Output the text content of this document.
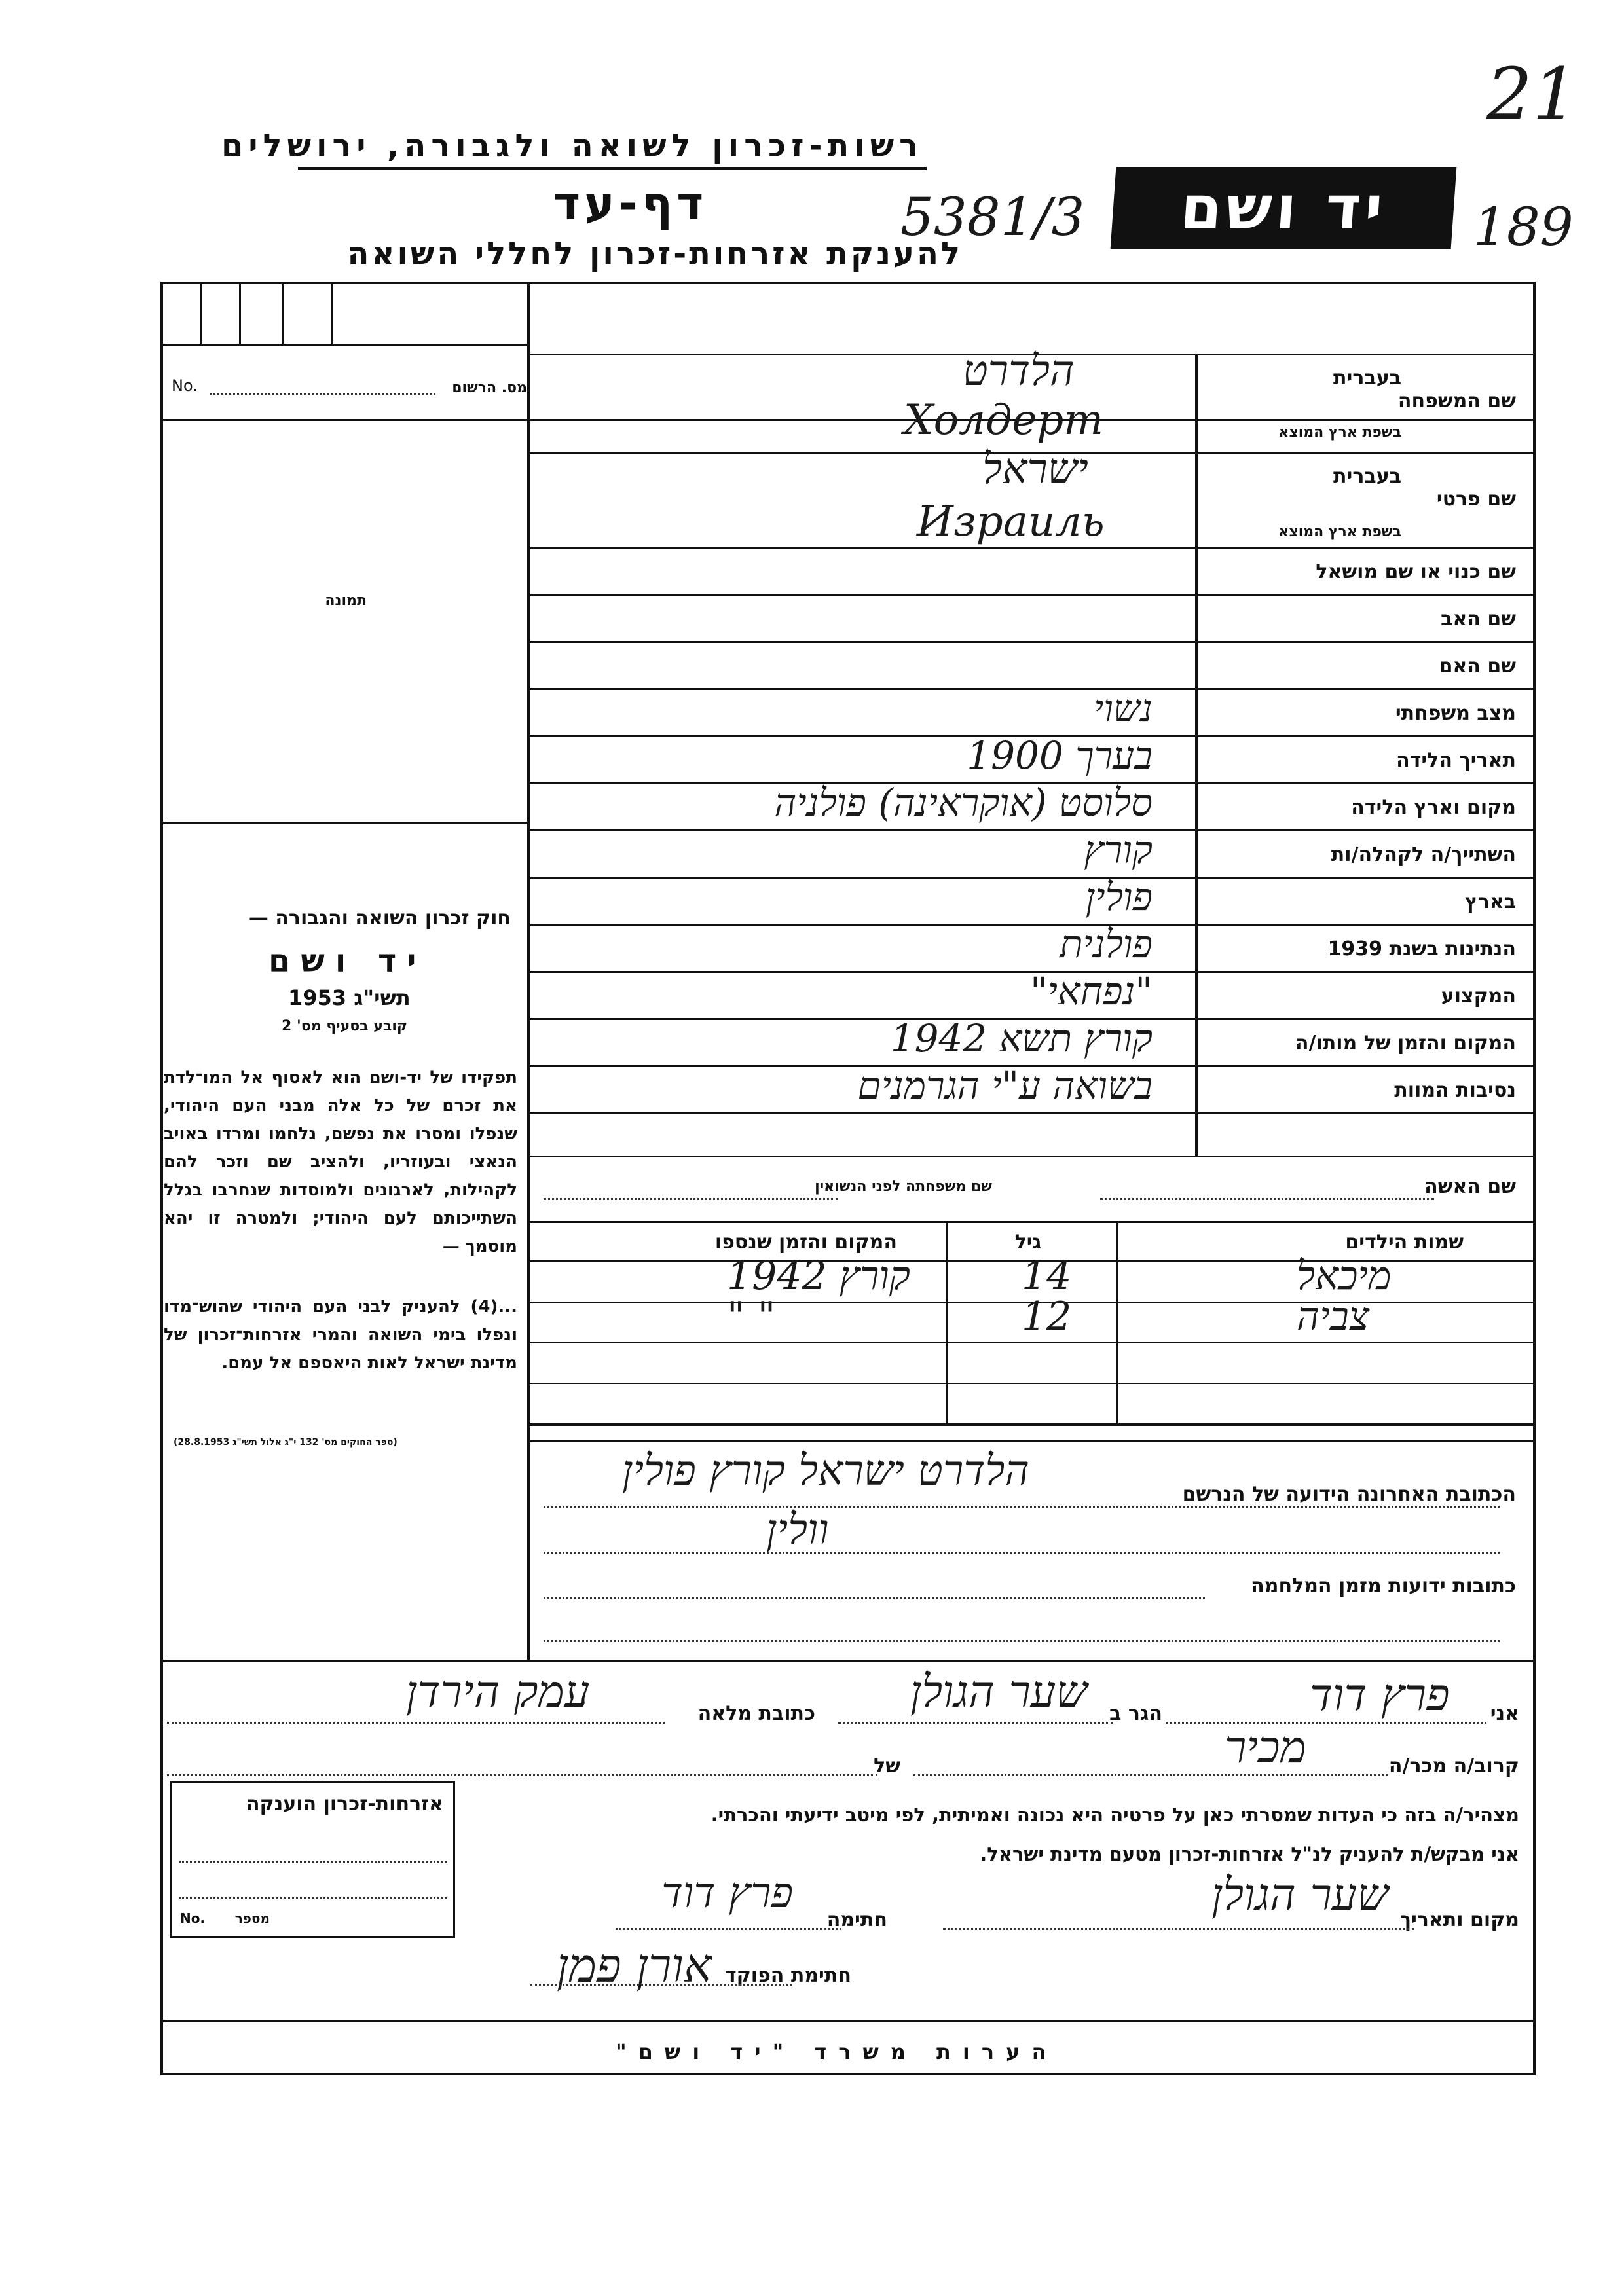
21
רשות-זכרון לשואה ולגבורה, ירושלים
דף-עד
להענקת אזרחות-זכרון לחללי השואה
5381/3	יד ושם	189
מס. הרשום
No.
תמונה
חוק זכרון השואה והגבורה —
יד ושם
תשי"ג 1953
קובע בסעיף מס' 2
תפקידו של יד-ושם הוא לאסוף אל המו־לדת את זכרם של כל אלה מבני העם היהודי, שנפלו ומסרו את נפשם, נלחמו ומרדו באויב הנאצי ובעוזריו, ולהציב שם וזכר להם לקהילות, לארגונים ולמוסדות שנחרבו בגלל השתייכותם לעם היהודי; ולמטרה זו יהא מוסמך —
...(4) להעניק לבני העם היהודי שהוש־מדו ונפלו בימי השואה והמרי אזרחות־זכרון של מדינת ישראל לאות היאספם אל עמם.
(ספר החוקים מס' 132 י"ג אלול תשי"ג 28.8.1953)
שם המשפחה
בעברית
בשפת ארץ המוצא
הלדרט
Холдерт
שם פרטי
בעברית
בשפת ארץ המוצא
ישראל
Израиль
שם כנוי או שם מושאל
שם האב
שם האם
מצב משפחתי
נשוי
תאריך הלידה
בערך 1900
מקום וארץ הלידה
סלוסט (אוקראינה) פולניה
השתייך/ה לקהלה/ות
קורץ
בארץ
פולין
הנתינות בשנת 1939
פולנית
המקצוע
"נפחאי"
המקום והזמן של מותו/ה
קורץ תשא 1942
נסיבות המוות
בשואה ע"י הגרמנים
שם האשה
שם משפחתה לפני הנשואין
שמות הילדים
גיל
המקום והזמן שנספו
מיכאל
14
קורץ 1942
צביה
12
" "
הכתובת האחרונה הידועה של הנרשם
הלדרט ישראל קורץ פולין
וולין
כתובות ידועות מזמן המלחמה
אני
פרץ דוד
הגר ב
שער הגולן
כתובת מלאה
עמק הירדן
קרוב/ה מכר/ה
מכיר
של
מצהיר/ה בזה כי העדות שמסרתי כאן על פרטיה היא נכונה ואמיתית, לפי מיטב ידיעתי והכרתי.
אני מבקש/ת להעניק לנ"ל אזרחות-זכרון מטעם מדינת ישראל.
מקום ותאריך
שער הגולן
חתימה
פרץ דוד
חתימת הפוקד
אורן פמן
אזרחות-זכרון הוענקה
No. מספר
הערות משרד "יד ושם"
